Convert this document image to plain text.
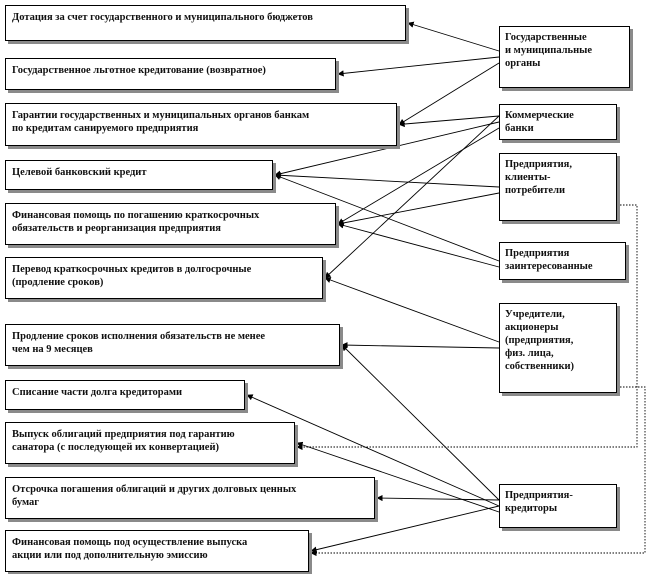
Дотация за счет государственного и муниципального бюджетов
Государственное льготное кредитование (возвратное)
Гарантии государственных и муниципальных органов банкам
по кредитам санируемого предприятия
Целевой банковский кредит
Финансовая помощь по погашению краткосрочных
обязательств и реорганизация предприятия
Перевод краткосрочных кредитов в долгосрочные
(продление сроков)
Продление сроков исполнения обязательств не менее
чем на 9 месяцев
Списание части долга кредиторами
Выпуск облигаций предприятия под гарантию
санатора (с последующей их конвертацией)
Отсрочка погашения облигаций и других долговых ценных
бумаг
Финансовая помощь под осуществление выпуска
акции или под дополнительную эмиссию
Государственные
и муниципальные
органы
Коммерческие
банки
Предприятия,
клиенты-
потребители
Предприятия
заинтересованные
Учредители,
акционеры
(предприятия,
физ. лица,
собственники)
Предприятия-
кредиторы
